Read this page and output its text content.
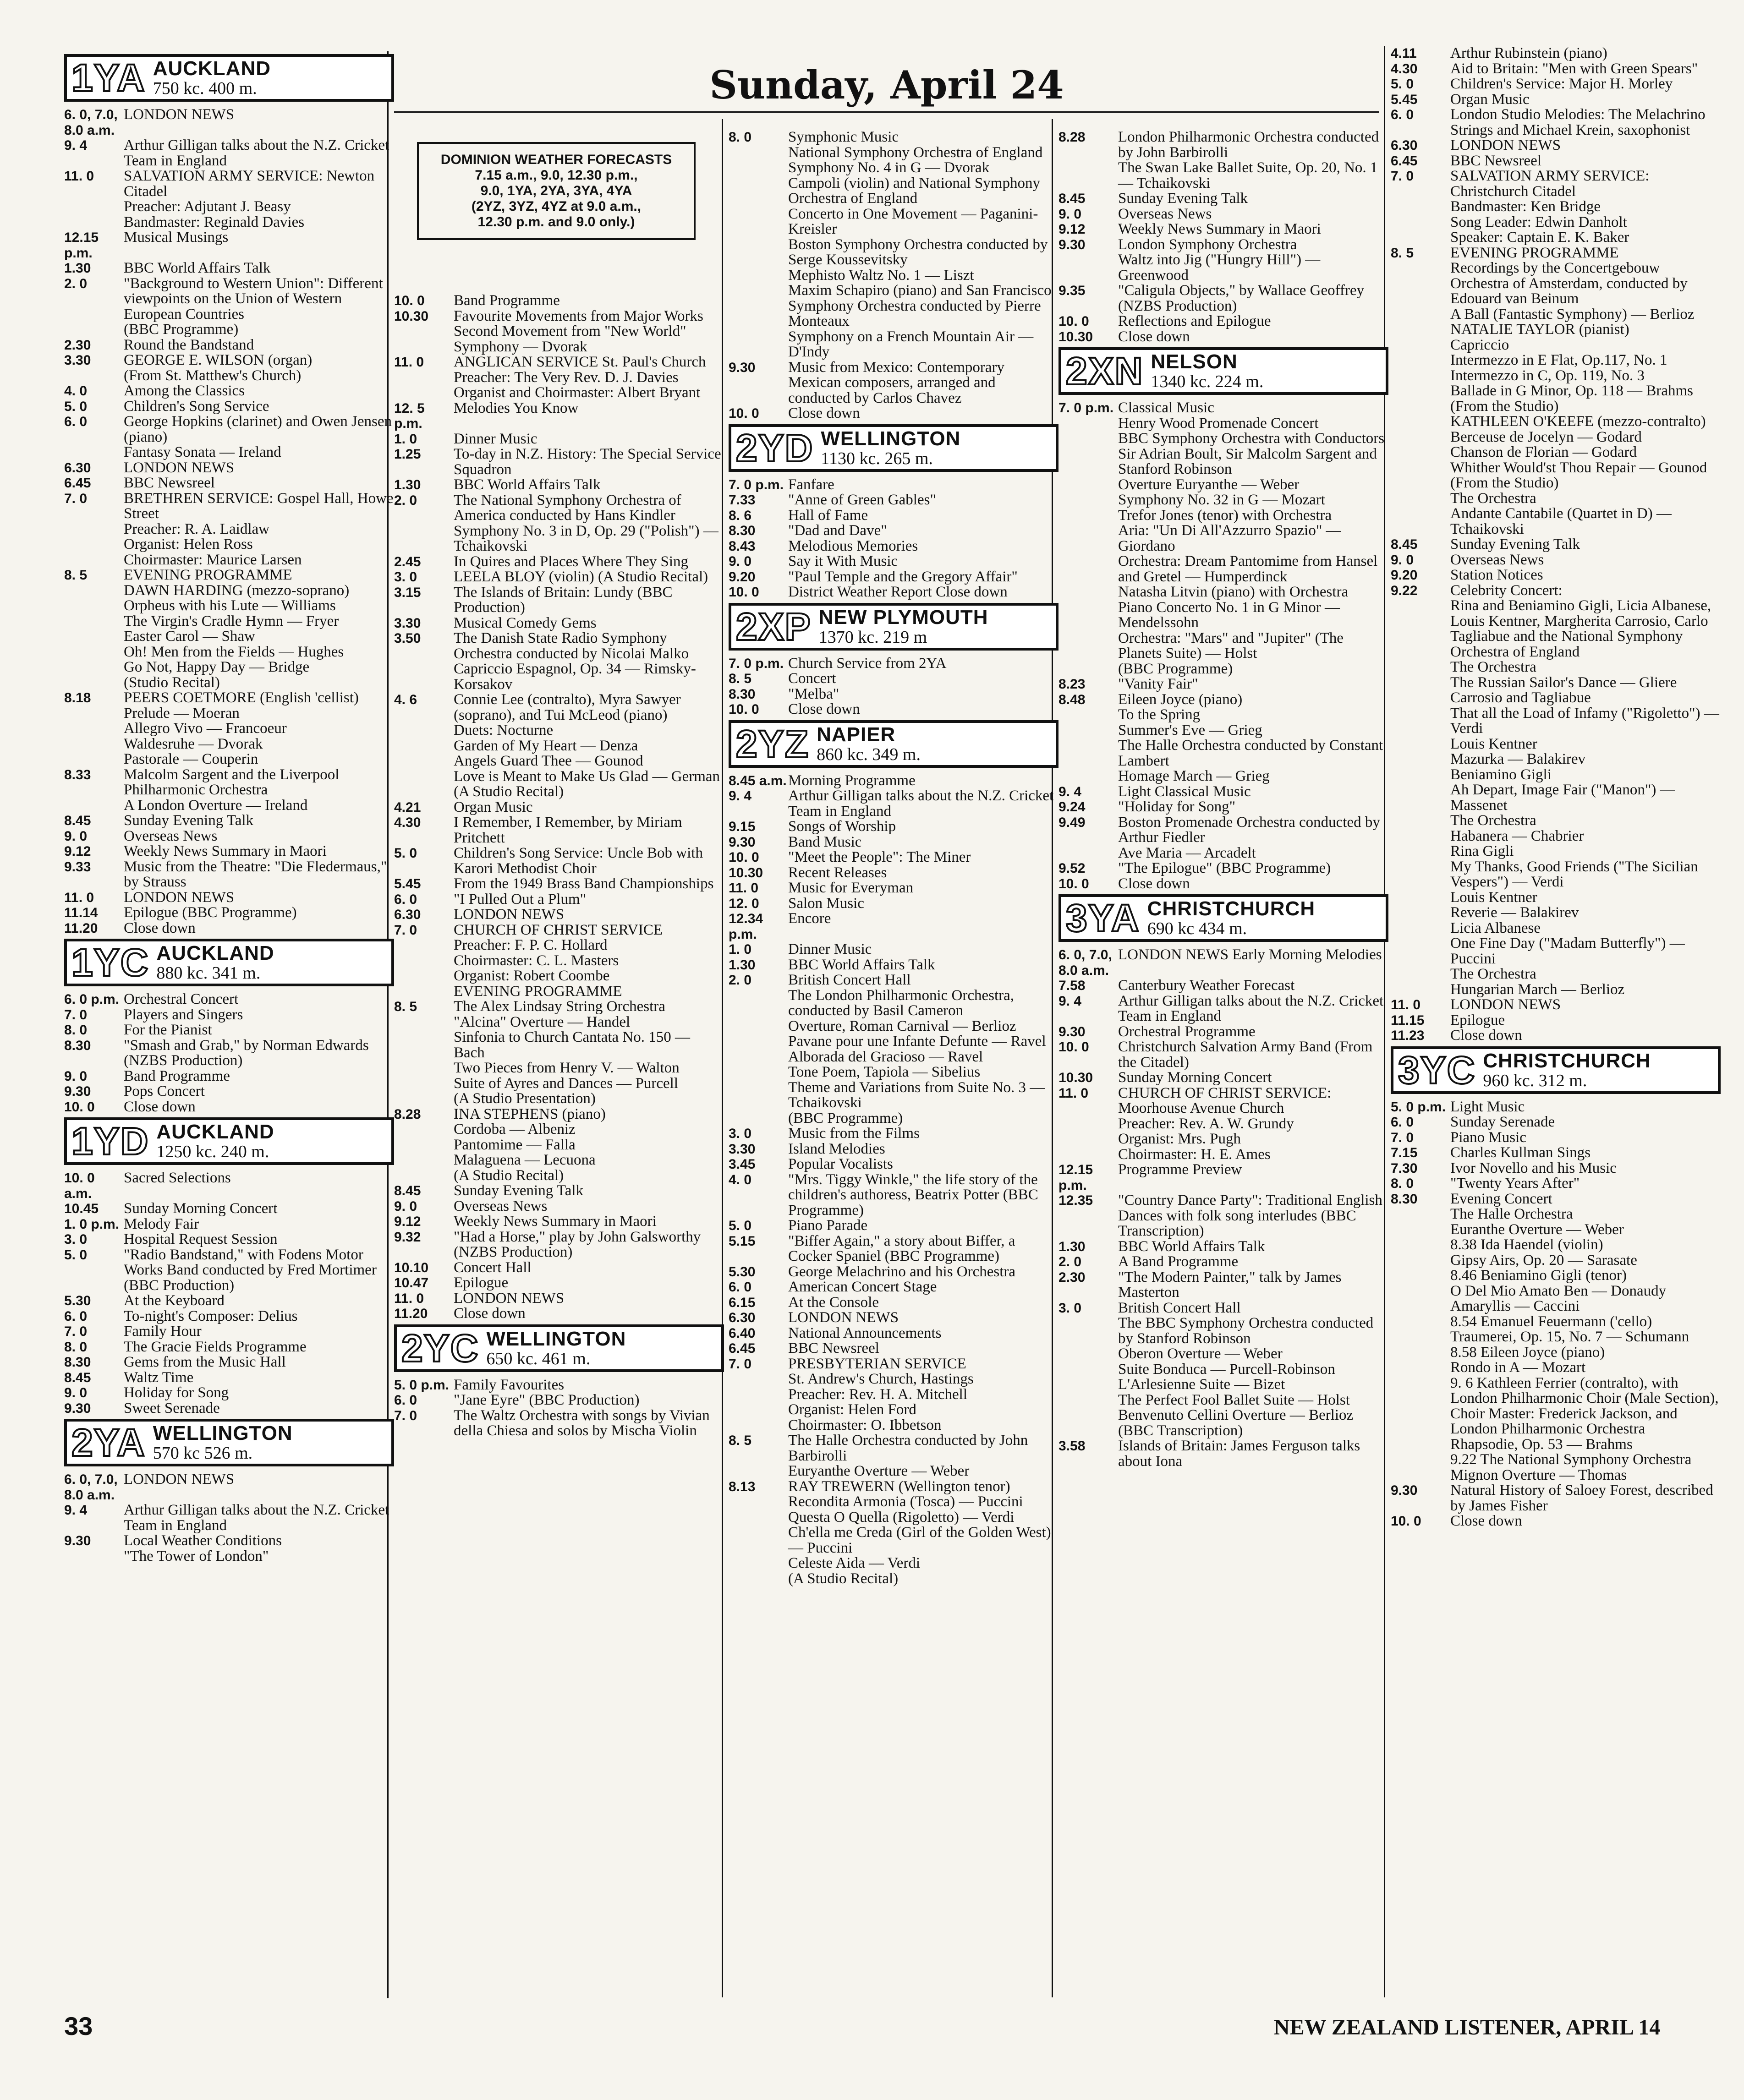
Sunday, April 24
DOMINION WEATHER FORECASTS
7.15 a.m., 9.0, 12.30 p.m.,
9.0, 1YA, 2YA, 3YA, 4YA
(2YZ, 3YZ, 4YZ at 9.0 a.m.,
12.30 p.m. and 9.0 only.)
1YA AUCKLAND
750 kc. 400 m.
6. 0, 7.0, 8.0 a.m.
LONDON NEWS
9. 4	Arthur Gilligan talks about the N.Z. Cricket Team in England
11. 0	SALVATION ARMY SERVICE: Newton Citadel
Preacher: Adjutant J. Beasy
Bandmaster: Reginald Davies
12.15 p.m.
Musical Musings
1.30	BBC World Affairs Talk
2. 0	"Background to Western Union": Different viewpoints on the Union of Western European Countries
(BBC Programme)
2.30	Round the Bandstand
3.30	GEORGE E. WILSON (organ)
(From St. Matthew's Church)
4. 0	Among the Classics
5. 0	Children's Song Service
6. 0	George Hopkins (clarinet) and Owen Jensen (piano)
Fantasy Sonata — Ireland
6.30	LONDON NEWS
6.45	BBC Newsreel
7. 0	BRETHREN SERVICE: Gospel Hall, Howe Street
Preacher: R. A. Laidlaw
Organist: Helen Ross
Choirmaster: Maurice Larsen
8. 5	EVENING PROGRAMME
DAWN HARDING (mezzo-soprano)
Orpheus with his Lute — Williams
The Virgin's Cradle Hymn — Fryer
Easter Carol — Shaw
Oh! Men from the Fields — Hughes
Go Not, Happy Day — Bridge
(Studio Recital)
8.18	PEERS COETMORE (English 'cellist)
Prelude — Moeran
Allegro Vivo — Francoeur
Waldesruhe — Dvorak
Pastorale — Couperin
8.33	Malcolm Sargent and the Liverpool Philharmonic Orchestra
A London Overture — Ireland
8.45	Sunday Evening Talk
9. 0	Overseas News
9.12	Weekly News Summary in Maori
9.33	Music from the Theatre: "Die Fledermaus," by Strauss
11. 0	LONDON NEWS
11.14	Epilogue (BBC Programme)
11.20	Close down
1YC AUCKLAND
880 kc. 341 m.
6. 0 p.m. Orchestral Concert
7. 0	Players and Singers
8. 0	For the Pianist
8.30	"Smash and Grab," by Norman Edwards (NZBS Production)
9. 0	Band Programme
9.30	Pops Concert
10. 0	Close down
1YD AUCKLAND
1250 kc. 240 m.
10. 0 a.m.
Sacred Selections
10.45	Sunday Morning Concert
1. 0 p.m. Melody Fair
3. 0	Hospital Request Session
5. 0	"Radio Bandstand," with Fodens Motor Works Band conducted by Fred Mortimer (BBC Production)
5.30	At the Keyboard
6. 0	To-night's Composer: Delius
7. 0	Family Hour
8. 0	The Gracie Fields Programme
8.30	Gems from the Music Hall
8.45	Waltz Time
9. 0	Holiday for Song
9.30	Sweet Serenade
2YA WELLINGTON
570 kc 526 m.
6. 0, 7.0, 8.0 a.m.
LONDON NEWS
9. 4	Arthur Gilligan talks about the N.Z. Cricket Team in England
9.30	Local Weather Conditions
"The Tower of London"
10. 0	Band Programme
10.30	Favourite Movements from Major Works
Second Movement from "New World" Symphony — Dvorak
11. 0	ANGLICAN SERVICE St. Paul's Church
Preacher: The Very Rev. D. J. Davies
Organist and Choirmaster: Albert Bryant
12. 5 p.m.
Melodies You Know
1. 0	Dinner Music
1.25	To-day in N.Z. History: The Special Service Squadron
1.30	BBC World Affairs Talk
2. 0	The National Symphony Orchestra of America conducted by Hans Kindler
Symphony No. 3 in D, Op. 29 ("Polish") — Tchaikovski
2.45	In Quires and Places Where They Sing
3. 0	LEELA BLOY (violin) (A Studio Recital)
3.15	The Islands of Britain: Lundy (BBC Production)
3.30	Musical Comedy Gems
3.50	The Danish State Radio Symphony Orchestra conducted by Nicolai Malko
Capriccio Espagnol, Op. 34 — Rimsky-Korsakov
4. 6	Connie Lee (contralto), Myra Sawyer (soprano), and Tui McLeod (piano)
Duets: Nocturne
Garden of My Heart — Denza
Angels Guard Thee — Gounod
Love is Meant to Make Us Glad — German
(A Studio Recital)
4.21	Organ Music
4.30	I Remember, I Remember, by Miriam Pritchett
5. 0	Children's Song Service: Uncle Bob with Karori Methodist Choir
5.45	From the 1949 Brass Band Championships
6. 0	"I Pulled Out a Plum"
6.30	LONDON NEWS
7. 0	CHURCH OF CHRIST SERVICE
Preacher: F. P. C. Hollard
Choirmaster: C. L. Masters
Organist: Robert Coombe
EVENING PROGRAMME
8. 5	The Alex Lindsay String Orchestra
"Alcina" Overture — Handel
Sinfonia to Church Cantata No. 150 — Bach
Two Pieces from Henry V. — Walton
Suite of Ayres and Dances — Purcell
(A Studio Presentation)
8.28	INA STEPHENS (piano)
Cordoba — Albeniz
Pantomime — Falla
Malaguena — Lecuona
(A Studio Recital)
8.45	Sunday Evening Talk
9. 0	Overseas News
9.12	Weekly News Summary in Maori
9.32	"Had a Horse," play by John Galsworthy (NZBS Production)
10.10	Concert Hall
10.47	Epilogue
11. 0	LONDON NEWS
11.20	Close down
2YC WELLINGTON
650 kc. 461 m.
5. 0 p.m. Family Favourites
6. 0	"Jane Eyre" (BBC Production)
7. 0	The Waltz Orchestra with songs by Vivian della Chiesa and solos by Mischa Violin
8. 0	Symphonic Music
National Symphony Orchestra of England
Symphony No. 4 in G — Dvorak
Campoli (violin) and National Symphony Orchestra of England
Concerto in One Movement — Paganini-Kreisler
Boston Symphony Orchestra conducted by Serge Koussevitsky
Mephisto Waltz No. 1 — Liszt
Maxim Schapiro (piano) and San Francisco Symphony Orchestra conducted by Pierre Monteaux
Symphony on a French Mountain Air — D'Indy
9.30	Music from Mexico: Contemporary Mexican composers, arranged and conducted by Carlos Chavez
10. 0	Close down
2YD WELLINGTON
1130 kc. 265 m.
7. 0 p.m. Fanfare
7.33	"Anne of Green Gables"
8. 6	Hall of Fame
8.30	"Dad and Dave"
8.43	Melodious Memories
9. 0	Say it With Music
9.20	"Paul Temple and the Gregory Affair"
10. 0	District Weather Report Close down
2XP NEW PLYMOUTH
1370 kc. 219 m
7. 0 p.m. Church Service from 2YA
8. 5	Concert
8.30	"Melba"
10. 0	Close down
2YZ NAPIER
860 kc. 349 m.
8.45 a.m. Morning Programme
9. 4	Arthur Gilligan talks about the N.Z. Cricket Team in England
9.15	Songs of Worship
9.30	Band Music
10. 0	"Meet the People": The Miner
10.30	Recent Releases
11. 0	Music for Everyman
12. 0	Salon Music
12.34 p.m.
Encore
1. 0	Dinner Music
1.30	BBC World Affairs Talk
2. 0	British Concert Hall
The London Philharmonic Orchestra, conducted by Basil Cameron
Overture, Roman Carnival — Berlioz
Pavane pour une Infante Defunte — Ravel
Alborada del Gracioso — Ravel
Tone Poem, Tapiola — Sibelius
Theme and Variations from Suite No. 3 — Tchaikovski
(BBC Programme)
3. 0	Music from the Films
3.30	Island Melodies
3.45	Popular Vocalists
4. 0	"Mrs. Tiggy Winkle," the life story of the children's authoress, Beatrix Potter (BBC Programme)
5. 0	Piano Parade
5.15	"Biffer Again," a story about Biffer, a Cocker Spaniel (BBC Programme)
5.30	George Melachrino and his Orchestra
6. 0	American Concert Stage
6.15	At the Console
6.30	LONDON NEWS
6.40	National Announcements
6.45	BBC Newsreel
7. 0	PRESBYTERIAN SERVICE
St. Andrew's Church, Hastings
Preacher: Rev. H. A. Mitchell
Organist: Helen Ford
Choirmaster: O. Ibbetson
8. 5	The Halle Orchestra conducted by John Barbirolli
Euryanthe Overture — Weber
8.13	RAY TREWERN (Wellington tenor)
Recondita Armonia (Tosca) — Puccini
Questa O Quella (Rigoletto) — Verdi
Ch'ella me Creda (Girl of the Golden West) — Puccini
Celeste Aida — Verdi
(A Studio Recital)
8.28	London Philharmonic Orchestra conducted by John Barbirolli
The Swan Lake Ballet Suite, Op. 20, No. 1 — Tchaikovski
8.45	Sunday Evening Talk
9. 0	Overseas News
9.12	Weekly News Summary in Maori
9.30	London Symphony Orchestra
Waltz into Jig ("Hungry Hill") — Greenwood
9.35	"Caligula Objects," by Wallace Geoffrey (NZBS Production)
10. 0	Reflections and Epilogue
10.30	Close down
2XN NELSON
1340 kc. 224 m.
7. 0 p.m. Classical Music
Henry Wood Promenade Concert
BBC Symphony Orchestra with Conductors Sir Adrian Boult, Sir Malcolm Sargent and Stanford Robinson
Overture Euryanthe — Weber
Symphony No. 32 in G — Mozart
Trefor Jones (tenor) with Orchestra
Aria: "Un Di All'Azzurro Spazio" — Giordano
Orchestra: Dream Pantomime from Hansel and Gretel — Humperdinck
Natasha Litvin (piano) with Orchestra
Piano Concerto No. 1 in G Minor — Mendelssohn
Orchestra: "Mars" and "Jupiter" (The Planets Suite) — Holst
(BBC Programme)
8.23	"Vanity Fair"
8.48	Eileen Joyce (piano)
To the Spring
Summer's Eve — Grieg
The Halle Orchestra conducted by Constant Lambert
Homage March — Grieg
9. 4	Light Classical Music
9.24	"Holiday for Song"
9.49	Boston Promenade Orchestra conducted by Arthur Fiedler
Ave Maria — Arcadelt
9.52	"The Epilogue" (BBC Programme)
10. 0	Close down
3YA CHRISTCHURCH
690 kc 434 m.
6. 0, 7.0, 8.0 a.m.
LONDON NEWS Early Morning Melodies
7.58	Canterbury Weather Forecast
9. 4	Arthur Gilligan talks about the N.Z. Cricket Team in England
9.30	Orchestral Programme
10. 0	Christchurch Salvation Army Band (From the Citadel)
10.30	Sunday Morning Concert
11. 0	CHURCH OF CHRIST SERVICE: Moorhouse Avenue Church
Preacher: Rev. A. W. Grundy
Organist: Mrs. Pugh
Choirmaster: H. E. Ames
12.15 p.m.
Programme Preview
12.35	"Country Dance Party": Traditional English Dances with folk song interludes (BBC Transcription)
1.30	BBC World Affairs Talk
2. 0	A Band Programme
2.30	"The Modern Painter," talk by James Masterton
3. 0	British Concert Hall
The BBC Symphony Orchestra conducted by Stanford Robinson
Oberon Overture — Weber
Suite Bonduca — Purcell-Robinson
L'Arlesienne Suite — Bizet
The Perfect Fool Ballet Suite — Holst
Benvenuto Cellini Overture — Berlioz
(BBC Transcription)
3.58	Islands of Britain: James Ferguson talks about Iona
4.11	Arthur Rubinstein (piano)
4.30	Aid to Britain: "Men with Green Spears"
5. 0	Children's Service: Major H. Morley
5.45	Organ Music
6. 0	London Studio Melodies: The Melachrino Strings and Michael Krein, saxophonist
6.30	LONDON NEWS
6.45	BBC Newsreel
7. 0	SALVATION ARMY SERVICE: Christchurch Citadel
Bandmaster: Ken Bridge
Song Leader: Edwin Danholt
Speaker: Captain E. K. Baker
8. 5	EVENING PROGRAMME
Recordings by the Concertgebouw Orchestra of Amsterdam, conducted by Edouard van Beinum
A Ball (Fantastic Symphony) — Berlioz
NATALIE TAYLOR (pianist)
Capriccio
Intermezzo in E Flat, Op.117, No. 1
Intermezzo in C, Op. 119, No. 3
Ballade in G Minor, Op. 118 — Brahms
(From the Studio)
KATHLEEN O'KEEFE (mezzo-contralto)
Berceuse de Jocelyn — Godard
Chanson de Florian — Godard
Whither Would'st Thou Repair — Gounod
(From the Studio)
The Orchestra
Andante Cantabile (Quartet in D) — Tchaikovski
8.45	Sunday Evening Talk
9. 0	Overseas News
9.20	Station Notices
9.22	Celebrity Concert:
Rina and Beniamino Gigli, Licia Albanese, Louis Kentner, Margherita Carrosio, Carlo Tagliabue and the National Symphony Orchestra of England
The Orchestra
The Russian Sailor's Dance — Gliere
Carrosio and Tagliabue
That all the Load of Infamy ("Rigoletto") — Verdi
Louis Kentner
Mazurka — Balakirev
Beniamino Gigli
Ah Depart, Image Fair ("Manon") — Massenet
The Orchestra
Habanera — Chabrier
Rina Gigli
My Thanks, Good Friends ("The Sicilian Vespers") — Verdi
Louis Kentner
Reverie — Balakirev
Licia Albanese
One Fine Day ("Madam Butterfly") — Puccini
The Orchestra
Hungarian March — Berlioz
11. 0	LONDON NEWS
11.15	Epilogue
11.23	Close down
3YC CHRISTCHURCH
960 kc. 312 m.
5. 0 p.m. Light Music
6. 0	Sunday Serenade
7. 0	Piano Music
7.15	Charles Kullman Sings
7.30	Ivor Novello and his Music
8. 0	"Twenty Years After"
8.30	Evening Concert
The Halle Orchestra
Euranthe Overture — Weber
8.38 Ida Haendel (violin)
Gipsy Airs, Op. 20 — Sarasate
8.46 Beniamino Gigli (tenor)
O Del Mio Amato Ben — Donaudy
Amaryllis — Caccini
8.54 Emanuel Feuermann ('cello)
Traumerei, Op. 15, No. 7 — Schumann
8.58 Eileen Joyce (piano)
Rondo in A — Mozart
9. 6 Kathleen Ferrier (contralto), with London Philharmonic Choir (Male Section), Choir Master: Frederick Jackson, and London Philharmonic Orchestra
Rhapsodie, Op. 53 — Brahms
9.22 The National Symphony Orchestra
Mignon Overture — Thomas
9.30	Natural History of Saloey Forest, described by James Fisher
10. 0	Close down
33	NEW ZEALAND LISTENER, APRIL 14
